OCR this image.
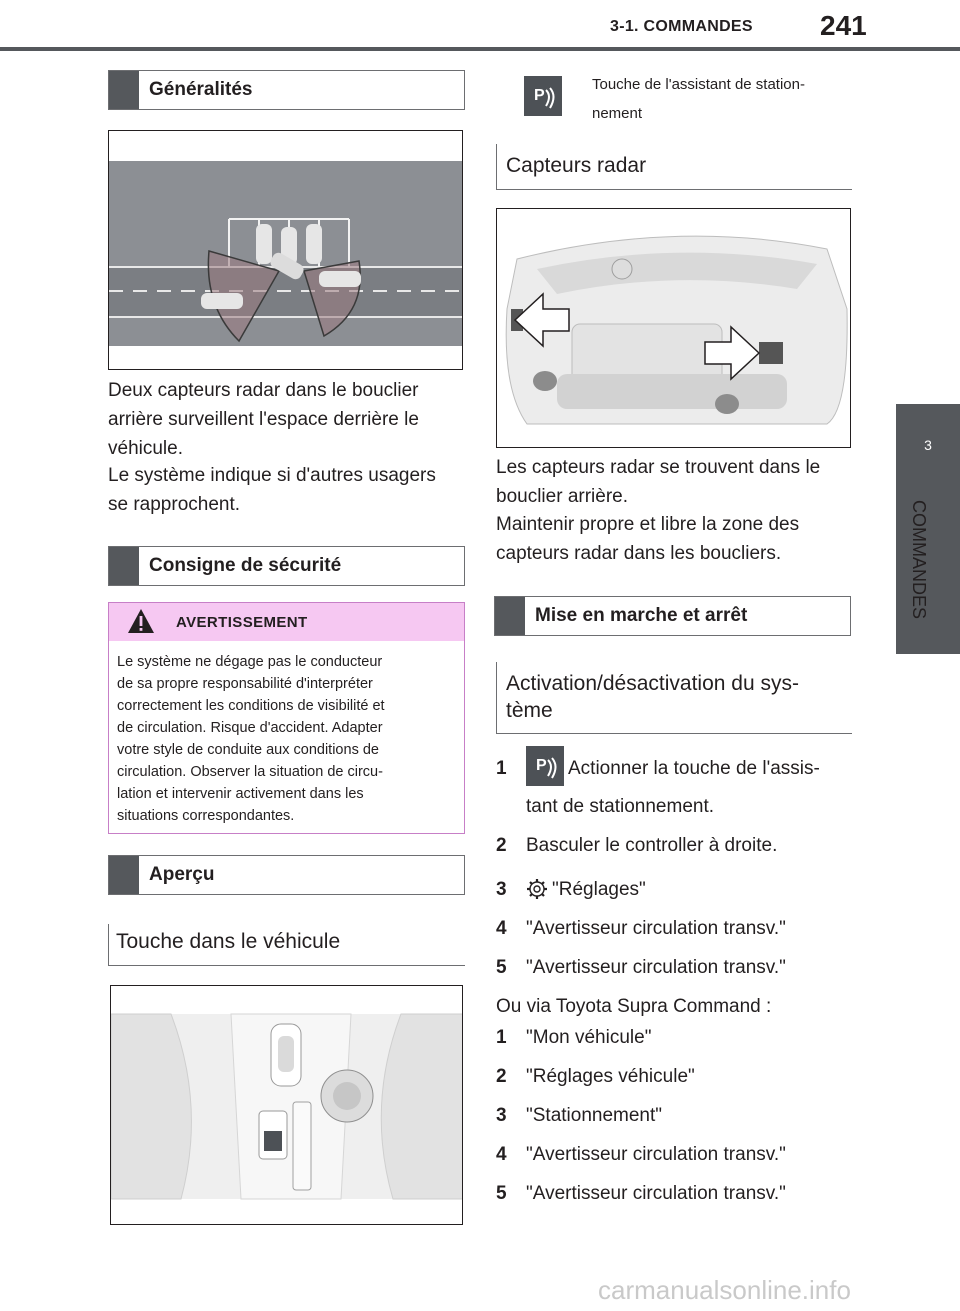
3-1. COMMANDES 241
3
COMMANDES
Généralités
Deux capteurs radar dans le bouclier
arrière surveillent l'espace derrière le
véhicule.
Le système indique si d'autres usagers
se rapprochent.
Consigne de sécurité
AVERTISSEMENT
Le système ne dégage pas le conducteur
de sa propre responsabilité d'interpréter
correctement les conditions de visibilité et
de circulation. Risque d'accident. Adapter
votre style de conduite aux conditions de
circulation. Observer la situation de circu-
lation et intervenir activement dans les
situations correspondantes.
Aperçu
Touche dans le véhicule
P
Touche de l'assistant de station-
nement
Capteurs radar
Les capteurs radar se trouvent dans le
bouclier arrière.
Maintenir propre et libre la zone des
capteurs radar dans les boucliers.
Mise en marche et arrêt
Activation/désactivation du sys-
tème
1 P Actionner la touche de l'assis-
tant de stationnement.
2 Basculer le controller à droite.
3 "Réglages"
4 "Avertisseur circulation transv."
5 "Avertisseur circulation transv."
Ou via Toyota Supra Command :
1 "Mon véhicule"
2 "Réglages véhicule"
3 "Stationnement"
4 "Avertisseur circulation transv."
5 "Avertisseur circulation transv."
carmanualsonline.info
